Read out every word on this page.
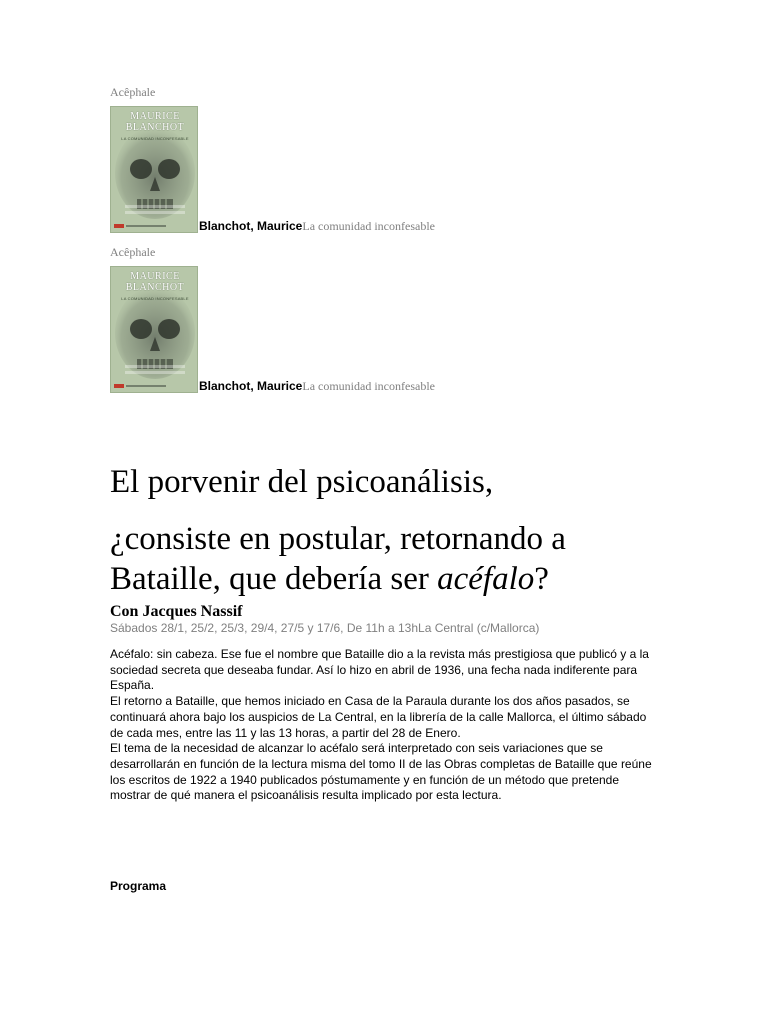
Acêphale
MAURICE
BLANCHOT
LA COMUNIDAD INCONFESABLE
Blanchot, MauriceLa comunidad inconfesable
Acêphale
MAURICE
BLANCHOT
LA COMUNIDAD INCONFESABLE
Blanchot, MauriceLa comunidad inconfesable
El porvenir del psicoanálisis,
¿consiste en postular, retornando a
Bataille, que debería ser acéfalo?
Con Jacques Nassif
Sábados 28/1, 25/2, 25/3, 29/4, 27/5 y 17/6, De 11h a 13hLa Central (c/Mallorca)

Acéfalo: sin cabeza. Ese fue el nombre que Bataille dio a la revista más prestigiosa que publicó y a la sociedad secreta que deseaba fundar. Así lo hizo en abril de 1936, una fecha nada indiferente para España.

El retorno a Bataille, que hemos iniciado en Casa de la Paraula durante los dos años pasados, se continuará ahora bajo los auspicios de La Central, en la librería de la calle Mallorca, el último sábado de cada mes, entre las 11 y las 13 horas, a partir del 28 de Enero.

El tema de la necesidad de alcanzar lo acéfalo será interpretado con seis variaciones que se desarrollarán en función de la lectura misma del tomo II de las Obras completas de Bataille que reúne los escritos de 1922 a 1940 publicados póstumamente y en función de un método que pretende mostrar de qué manera el psicoanálisis resulta implicado por esta lectura.

Programa
